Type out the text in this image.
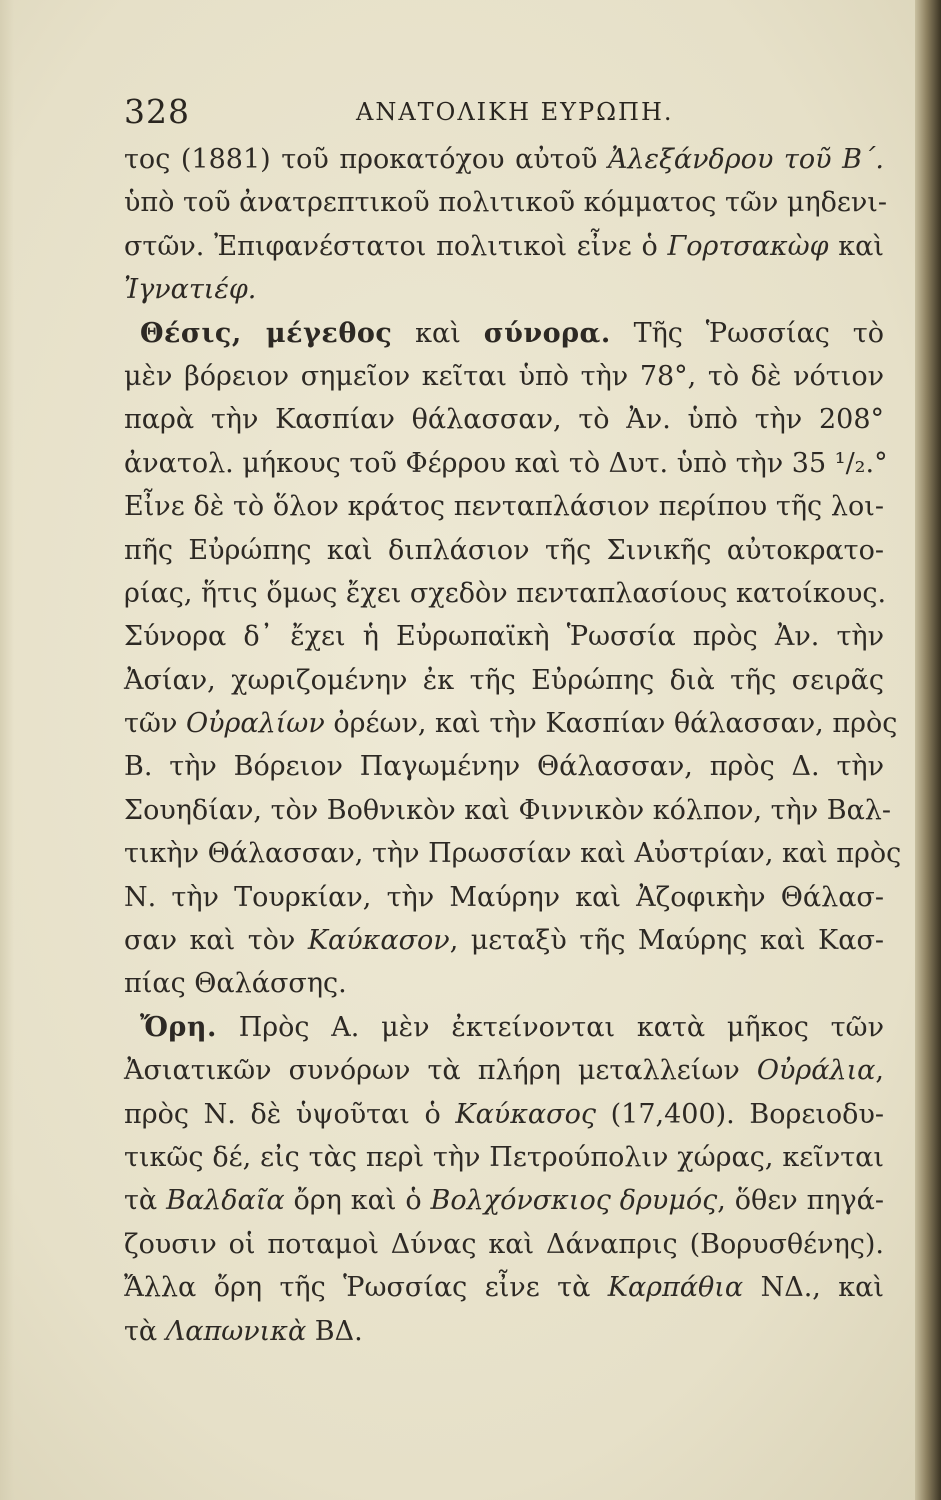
328	ΑΝΑΤΟΛΙΚΗ ΕΥΡΩΠΗ.
τος (1881) τοῦ προκατόχου αὐτοῦ Ἀλεξάνδρου τοῦ Β΄.
ὑπὸ τοῦ ἀνατρεπτικοῦ πολιτικοῦ κόμματος τῶν μηδενι-
στῶν. Ἐπιφανέστατοι πολιτικοὶ εἶνε ὁ Γορτσακὼφ καὶ
Ἰγνατιέφ.
Θέσις, μέγεθος καὶ σύνορα. Τῆς Ῥωσσίας τὸ
μὲν βόρειον σημεῖον κεῖται ὑπὸ τὴν 78°, τὸ δὲ νότιον
παρὰ τὴν Κασπίαν θάλασσαν, τὸ Ἀν. ὑπὸ τὴν 208°
ἀνατολ. μήκους τοῦ Φέρρου καὶ τὸ Δυτ. ὑπὸ τὴν 35 ¹/₂.°
Εἶνε δὲ τὸ ὅλον κράτος πενταπλάσιον περίπου τῆς λοι-
πῆς Εὐρώπης καὶ διπλάσιον τῆς Σινικῆς αὐτοκρατο-
ρίας, ἥτις ὅμως ἔχει σχεδὸν πενταπλασίους κατοίκους.
Σύνορα δ᾽ ἔχει ἡ Εὐρωπαϊκὴ Ῥωσσία πρὸς Ἀν. τὴν
Ἀσίαν, χωριζομένην ἐκ τῆς Εὐρώπης διὰ τῆς σειρᾶς
τῶν Οὐραλίων ὀρέων, καὶ τὴν Κασπίαν θάλασσαν, πρὸς
Β. τὴν Βόρειον Παγωμένην Θάλασσαν, πρὸς Δ. τὴν
Σουηδίαν, τὸν Βοθνικὸν καὶ Φιννικὸν κόλπον, τὴν Βαλ-
τικὴν Θάλασσαν, τὴν Πρωσσίαν καὶ Αὐστρίαν, καὶ πρὸς
Ν. τὴν Τουρκίαν, τὴν Μαύρην καὶ Ἀζοφικὴν Θάλασ-
σαν καὶ τὸν Καύκασον, μεταξὺ τῆς Μαύρης καὶ Κασ-
πίας Θαλάσσης.
Ὄρη. Πρὸς Α. μὲν ἐκτείνονται κατὰ μῆκος τῶν
Ἀσιατικῶν συνόρων τὰ πλήρη μεταλλείων Οὐράλια,
πρὸς Ν. δὲ ὑψοῦται ὁ Καύκασος (17,400). Βορειοδυ-
τικῶς δέ, εἰς τὰς περὶ τὴν Πετρούπολιν χώρας, κεῖνται
τὰ Βαλδαῖα ὄρη καὶ ὁ Βολχόνσκιος δρυμός, ὅθεν πηγά-
ζουσιν οἱ ποταμοὶ Δύνας καὶ Δάναπρις (Βορυσθένης).
Ἄλλα ὄρη τῆς Ῥωσσίας εἶνε τὰ Καρπάθια ΝΔ., καὶ
τὰ Λαπωνικὰ ΒΔ.
